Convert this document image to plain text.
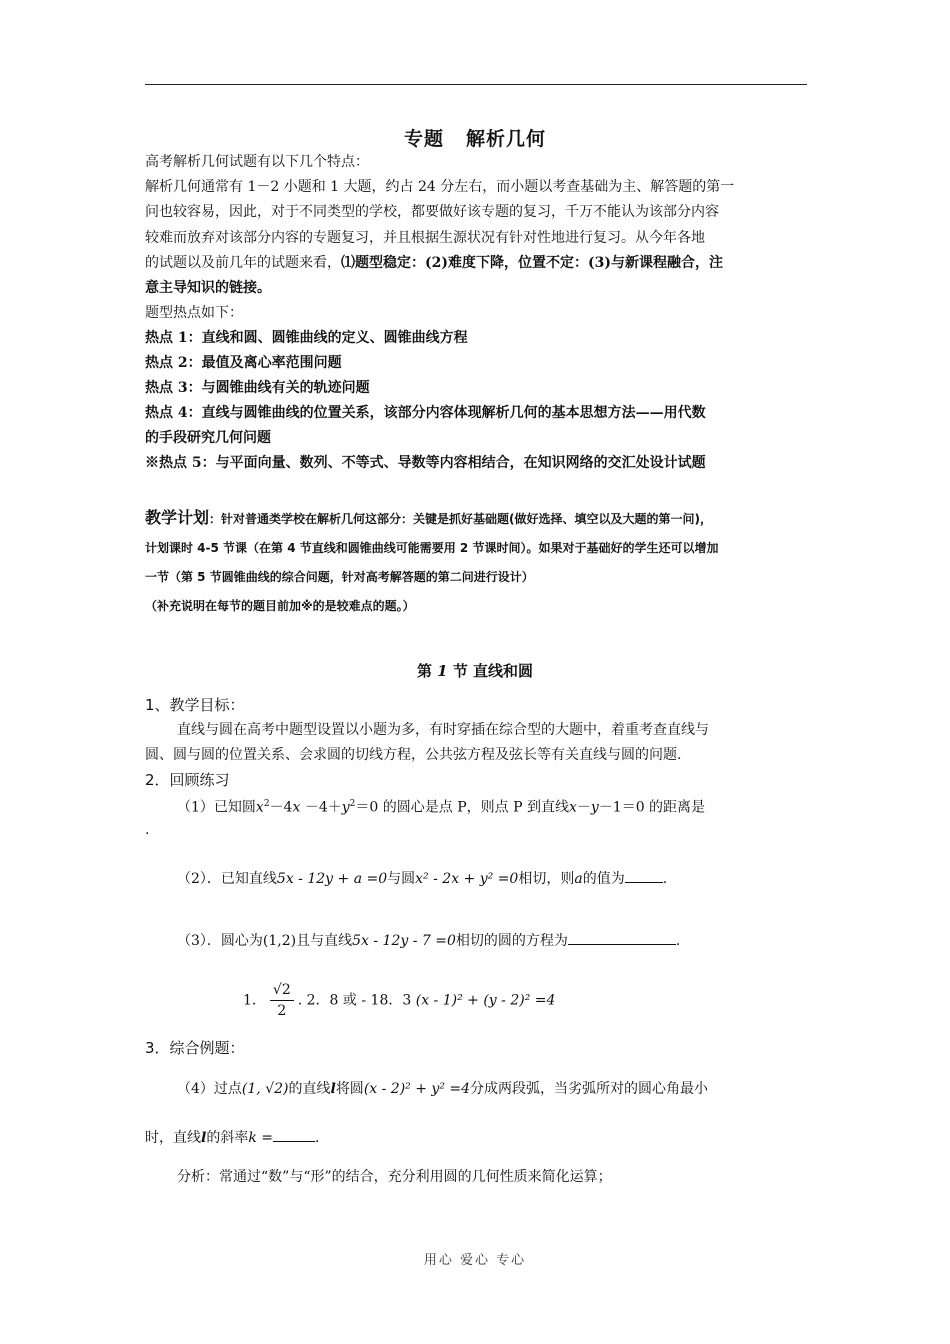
专题 解析几何
高考解析几何试题有以下几个特点：
解析几何通常有 1－2 小题和 1 大题，约占 24 分左右，而小题以考查基础为主、解答题的第一
问也较容易，因此，对于不同类型的学校，都要做好该专题的复习，千万不能认为该部分内容
较难而放弃对该部分内容的专题复习，并且根据生源状况有针对性地进行复习。从今年各地
的试题以及前几年的试题来看，⑴题型稳定：(2)难度下降，位置不定：(3)与新课程融合，注
意主导知识的链接。
题型热点如下：
热点 1：直线和圆、圆锥曲线的定义、圆锥曲线方程
热点 2：最值及离心率范围问题
热点 3：与圆锥曲线有关的轨迹问题
热点 4：直线与圆锥曲线的位置关系，该部分内容体现解析几何的基本思想方法——用代数
的手段研究几何问题
※热点 5：与平面向量、数列、不等式、导数等内容相结合，在知识网络的交汇处设计试题
教学计划：针对普通类学校在解析几何这部分：关键是抓好基础题(做好选择、填空以及大题的第一问)，
计划课时 4-5 节课（在第 4 节直线和圆锥曲线可能需要用 2 节课时间）。如果对于基础好的学生还可以增加
一节（第 5 节圆锥曲线的综合问题，针对高考解答题的第二问进行设计）
（补充说明在每节的题目前加※的是较难点的题。）
第 1 节 直线和圆
1、教学目标：
直线与圆在高考中题型设置以小题为多，有时穿插在综合型的大题中，着重考查直线与
圆、圆与圆的位置关系、会求圆的切线方程，公共弦方程及弦长等有关直线与圆的问题.
2．回顾练习
（1）已知圆$x^2-4x -4+y^2=0$ 的圆心是点 P，则点 P 到直线x－y－1＝0 的距离是
.
（2）．已知直线5x - 12y + a =0与圆x² - 2x + y² =0相切，则a的值为	.
（3）．圆心为(1,2)且与直线5x - 12y - 7 =0相切的圆的方程为	.
1． $\frac{√2}{2}$ . 2．8 或 - 18．3 (x - 1)² + (y - 2)² =4
3．综合例题：
（4）过点(1, √2)的直线l将圆(x - 2)² + y² =4分成两段弧，当劣弧所对的圆心角最小
时，直线l的斜率k =	.
分析：常通过“数”与“形”的结合，充分利用圆的几何性质来简化运算；
用心 爱心 专心
